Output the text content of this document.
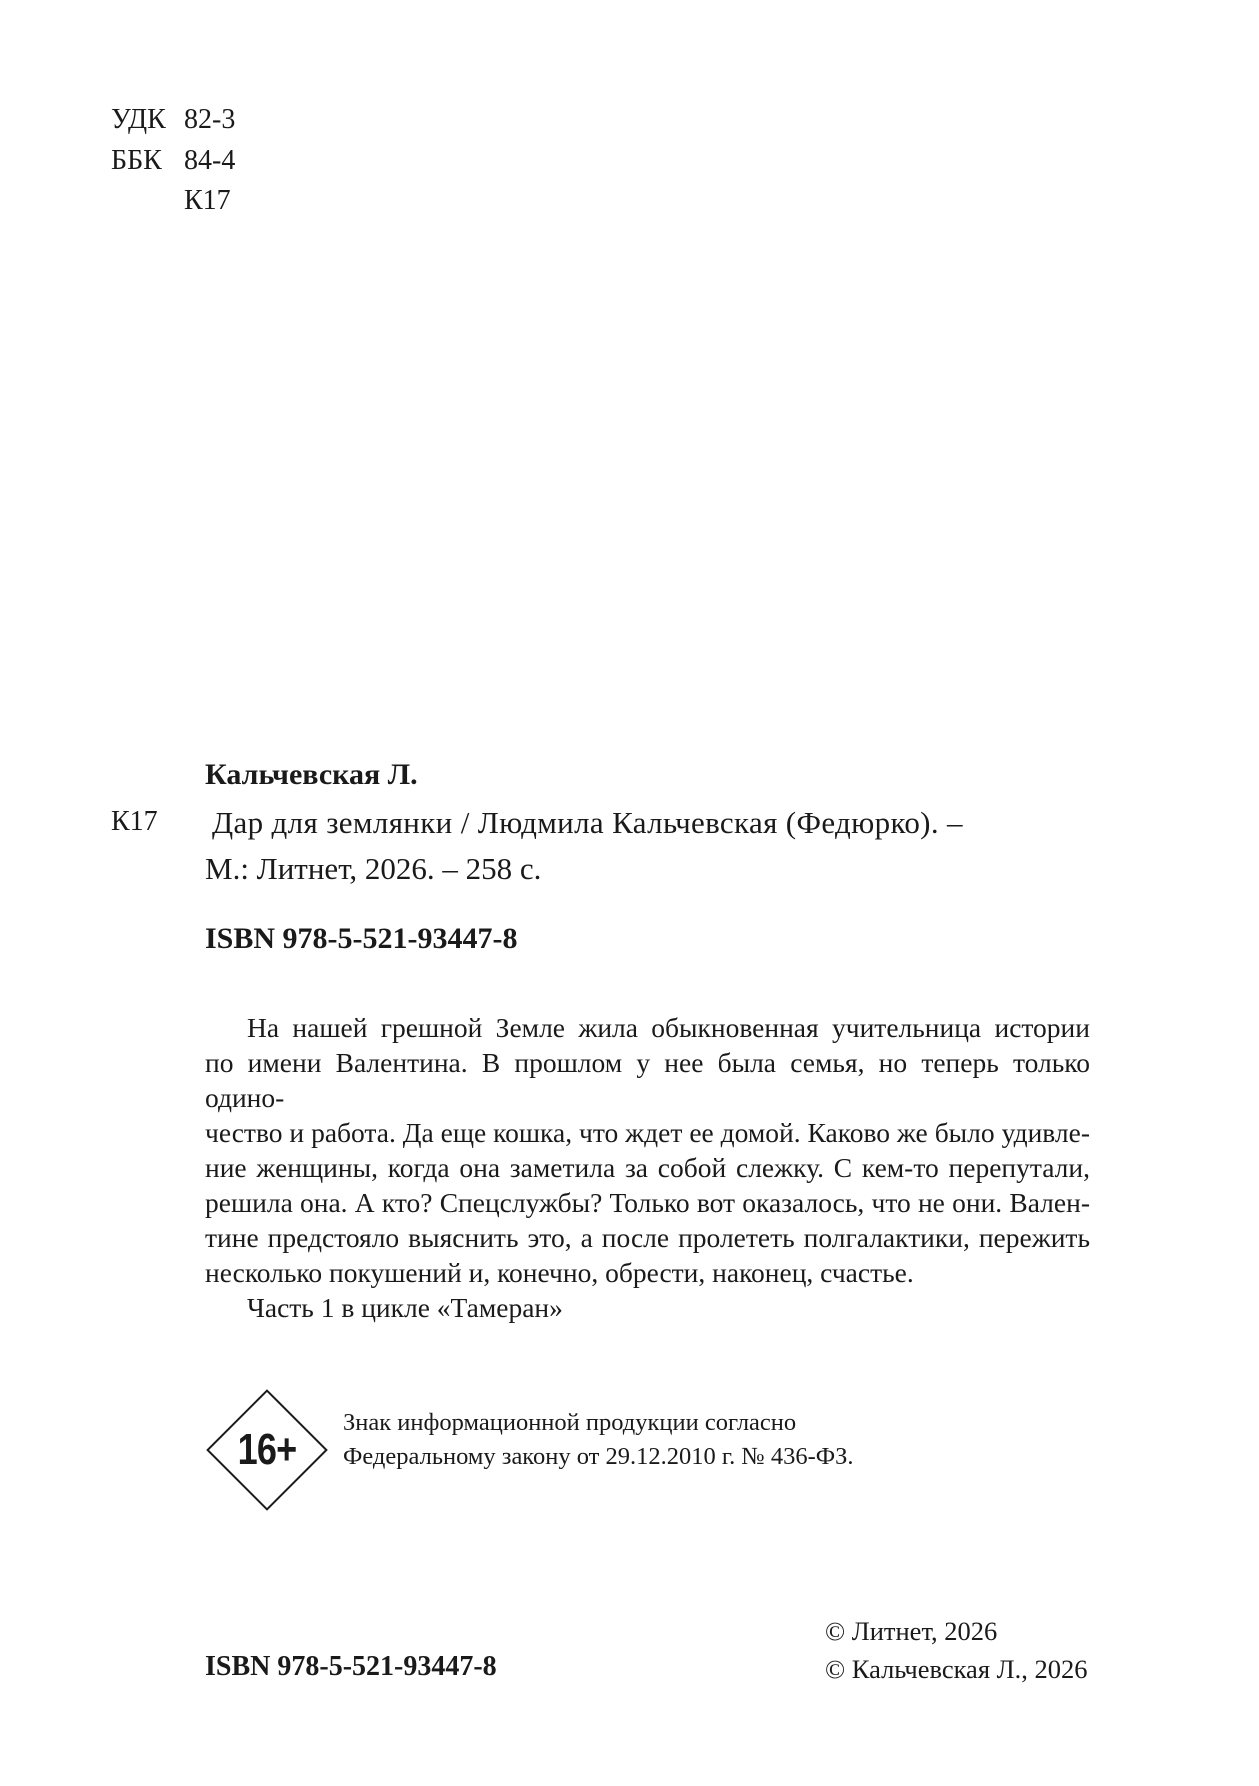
УДК 82-3
ББК 84-4
К17
Кальчевская Л.
К17 Дар для землянки / Людмила Кальчевская (Федюрко). –
М.: Литнет, 2026. – 258 с.
ISBN 978-5-521-93447-8

На нашей грешной Земле жила обыкновенная учительница истории

по имени Валентина. В прошлом у нее была семья, но теперь только одино-

чество и работа. Да еще кошка, что ждет ее домой. Каково же было удивле-

ние женщины, когда она заметила за собой слежку. С кем-то перепутали,

решила она. А кто? Спецслужбы? Только вот оказалось, что не они. Вален-

тине предстояло выяснить это, а после пролететь полгалактики, пережить

несколько покушений и, конечно, обрести, наконец, счастье.

Часть 1 в цикле «Тамеран»

16+
Знак информационной продукции согласно
Федеральному закону от 29.12.2010 г. № 436-ФЗ.
ISBN 978-5-521-93447-8
© Литнет, 2026
© Кальчевская Л., 2026
